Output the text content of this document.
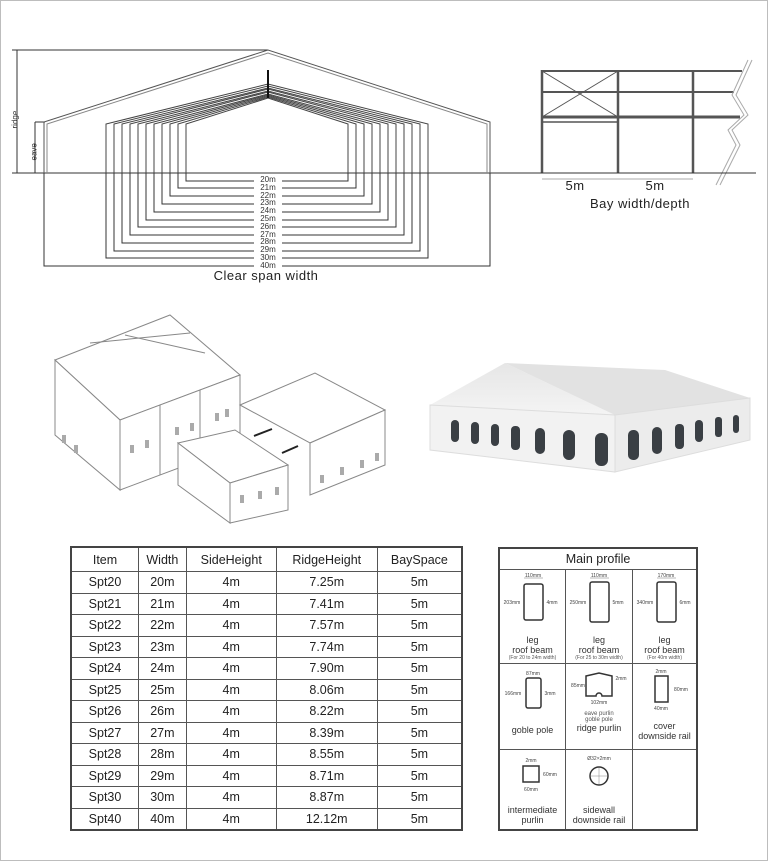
ridge
eave
20m
21m
22m
23m
24m
25m
26m
27m
28m
29m
30m
40m
Clear span width
5m	5m
Bay width/depth
Item	Width	SideHeight	RidgeHeight	BaySpace
Spt20	20m	4m	7.25m	5m
Spt21	21m	4m	7.41m	5m
Spt22	22m	4m	7.57m	5m
Spt23	23m	4m	7.74m	5m
Spt24	24m	4m	7.90m	5m
Spt25	25m	4m	8.06m	5m
Spt26	26m	4m	8.22m	5m
Spt27	27m	4m	8.39m	5m
Spt28	28m	4m	8.55m	5m
Spt29	29m	4m	8.71m	5m
Spt30	30m	4m	8.87m	5m
Spt40	40m	4m	12.12m	5m
Main profile
110mm
203mm	4mm
leg
roof beam
(For 20 to 24m width)
110mm
250mm	5mm
leg
roof beam
(For 25 to 30m width)
170mm
340mm	6mm
leg
roof beam
(For 40m width)
87mm
166mm	3mm
goble pole
85mm
2mm
102mm
eave purlin
goble pole
ridge purlin
2mm
80mm
40mm
cover
downside rail
2mm
60mm
60mm
intermediate
purlin
Ø32×2mm
sidewall
downside rail
